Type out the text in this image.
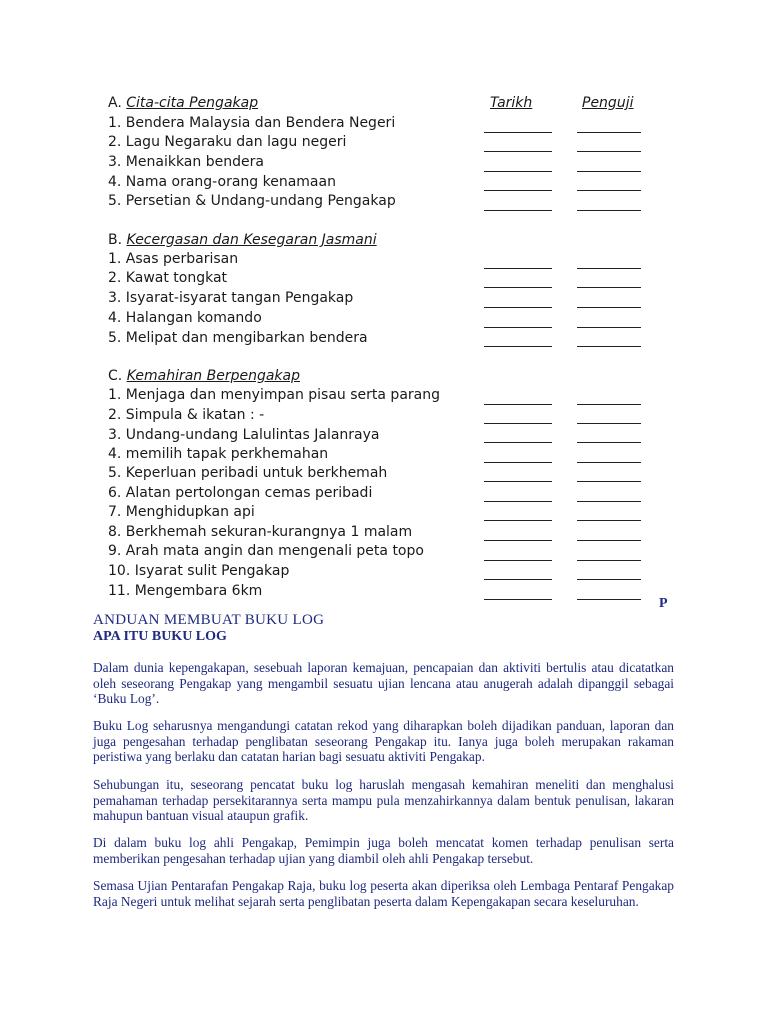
Tarikh	Penguji
A. Cita-cita Pengakap
1. Bendera Malaysia dan Bendera Negeri
2. Lagu Negaraku dan lagu negeri
3. Menaikkan bendera
4. Nama orang-orang kenamaan
5. Persetian & Undang-undang Pengakap
B. Kecergasan dan Kesegaran Jasmani
1. Asas perbarisan
2. Kawat tongkat
3. Isyarat-isyarat tangan Pengakap
4. Halangan komando
5. Melipat dan mengibarkan bendera
C. Kemahiran Berpengakap
1. Menjaga dan menyimpan pisau serta parang
2. Simpula & ikatan : -
3. Undang-undang Lalulintas Jalanraya
4. memilih tapak perkhemahan
5. Keperluan peribadi untuk berkhemah
6. Alatan pertolongan cemas peribadi
7. Menghidupkan api
8. Berkhemah sekuran-kurangnya 1 malam
9. Arah mata angin dan mengenali peta topo
10. Isyarat sulit Pengakap
11. Mengembara 6km
P
ANDUAN MEMBUAT BUKU LOG
APA ITU BUKU LOG
Dalam dunia kepengakapan, sesebuah laporan kemajuan, pencapaian dan aktiviti bertulis atau dicatatkan oleh seseorang Pengakap yang mengambil sesuatu ujian lencana atau anugerah adalah dipanggil sebagai ‘Buku Log’.
Buku Log seharusnya mengandungi catatan rekod yang diharapkan boleh dijadikan panduan, laporan dan juga pengesahan terhadap penglibatan seseorang Pengakap itu. Ianya juga boleh merupakan rakaman peristiwa yang berlaku dan catatan harian bagi sesuatu aktiviti Pengakap.
Sehubungan itu, seseorang pencatat buku log haruslah mengasah kemahiran meneliti dan menghalusi pemahaman terhadap persekitarannya serta mampu pula menzahirkannya dalam bentuk penulisan, lakaran mahupun bantuan visual ataupun grafik.
Di dalam buku log ahli Pengakap, Pemimpin juga boleh mencatat komen terhadap penulisan serta memberikan pengesahan terhadap ujian yang diambil oleh ahli Pengakap tersebut.
Semasa Ujian Pentarafan Pengakap Raja, buku log peserta akan diperiksa oleh Lembaga Pentaraf Pengakap Raja Negeri untuk melihat sejarah serta penglibatan peserta dalam Kepengakapan secara keseluruhan.
